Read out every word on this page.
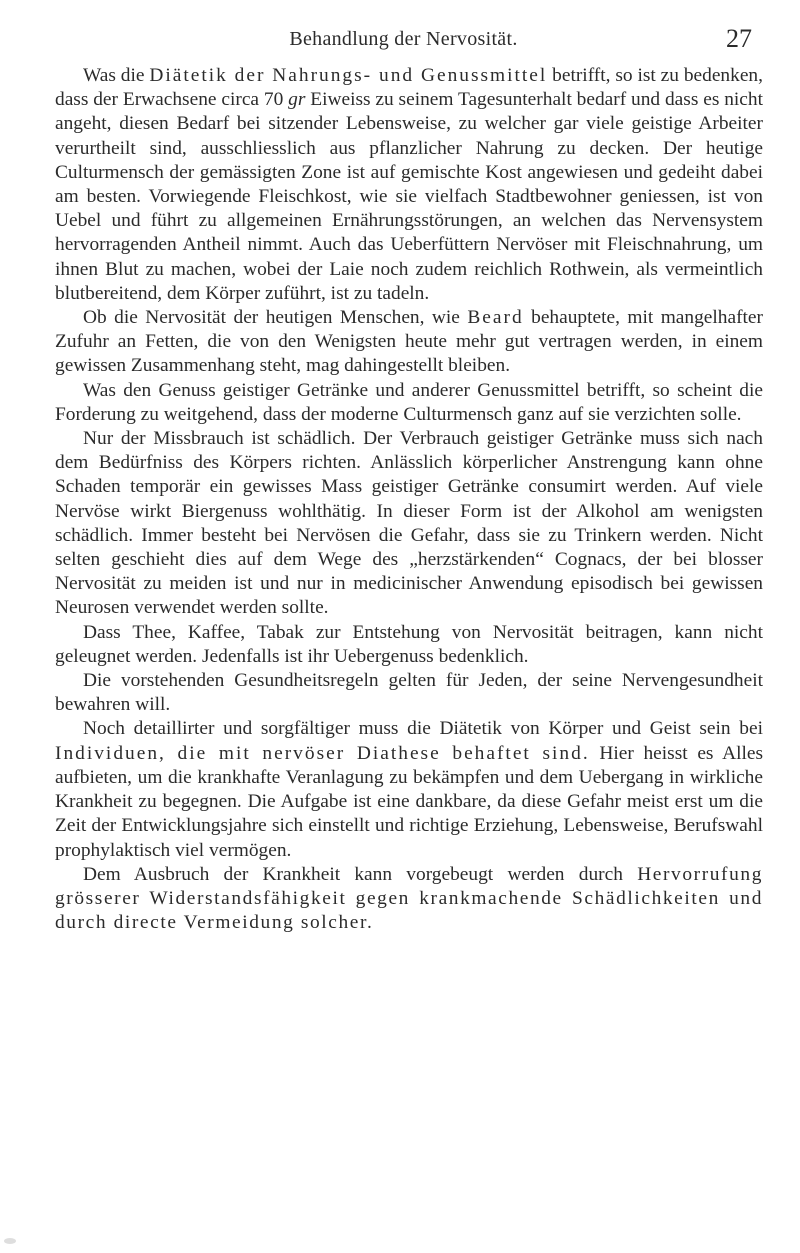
Behandlung der Nervosität.	27

Was die Diätetik der Nahrungs- und Genussmittel betrifft, so ist zu bedenken, dass der Erwachsene circa 70 gr Eiweiss zu seinem Tagesunterhalt bedarf und dass es nicht angeht, diesen Bedarf bei sitzender Lebensweise, zu welcher gar viele geistige Arbeiter verurtheilt sind, ausschliesslich aus pflanzlicher Nahrung zu decken. Der heutige Culturmensch der gemässigten Zone ist auf gemischte Kost angewiesen und gedeiht dabei am besten. Vorwiegende Fleischkost, wie sie vielfach Stadtbewohner geniessen, ist von Uebel und führt zu allgemeinen Ernährungsstörungen, an welchen das Nervensystem hervorragenden Antheil nimmt. Auch das Ueberfüttern Nervöser mit Fleischnahrung, um ihnen Blut zu machen, wobei der Laie noch zudem reichlich Rothwein, als vermeintlich blutbereitend, dem Körper zuführt, ist zu tadeln.

Ob die Nervosität der heutigen Menschen, wie Beard behauptete, mit mangelhafter Zufuhr an Fetten, die von den Wenigsten heute mehr gut vertragen werden, in einem gewissen Zusammenhang steht, mag dahingestellt bleiben.

Was den Genuss geistiger Getränke und anderer Genussmittel betrifft, so scheint die Forderung zu weitgehend, dass der moderne Culturmensch ganz auf sie verzichten solle.

Nur der Missbrauch ist schädlich. Der Verbrauch geistiger Getränke muss sich nach dem Bedürfniss des Körpers richten. Anlässlich körperlicher Anstrengung kann ohne Schaden temporär ein gewisses Mass geistiger Getränke consumirt werden. Auf viele Nervöse wirkt Biergenuss wohlthätig. In dieser Form ist der Alkohol am wenigsten schädlich. Immer besteht bei Nervösen die Gefahr, dass sie zu Trinkern werden. Nicht selten geschieht dies auf dem Wege des „herzstärkenden“ Cognacs, der bei blosser Nervosität zu meiden ist und nur in medicinischer Anwendung episodisch bei gewissen Neurosen verwendet werden sollte.

Dass Thee, Kaffee, Tabak zur Entstehung von Nervosität beitragen, kann nicht geleugnet werden. Jedenfalls ist ihr Uebergenuss bedenklich.

Die vorstehenden Gesundheitsregeln gelten für Jeden, der seine Nervengesundheit bewahren will.

Noch detaillirter und sorgfältiger muss die Diätetik von Körper und Geist sein bei Individuen, die mit nervöser Diathese behaftet sind. Hier heisst es Alles aufbieten, um die krankhafte Veranlagung zu bekämpfen und dem Uebergang in wirkliche Krankheit zu begegnen. Die Aufgabe ist eine dankbare, da diese Gefahr meist erst um die Zeit der Entwicklungsjahre sich einstellt und richtige Erziehung, Lebensweise, Berufswahl prophylaktisch viel vermögen.

Dem Ausbruch der Krankheit kann vorgebeugt werden durch Hervorrufung grösserer Widerstandsfähigkeit gegen krankmachende Schädlichkeiten und durch directe Vermeidung solcher.
